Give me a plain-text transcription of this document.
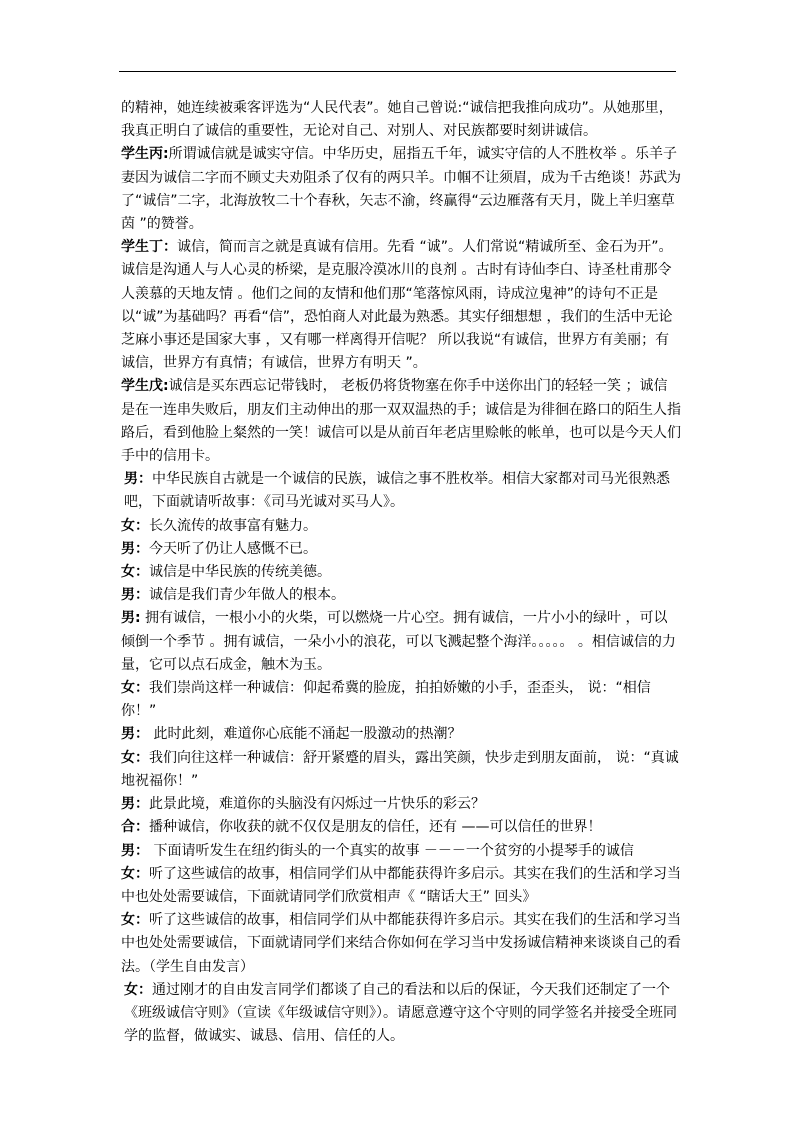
的精神，她连续被乘客评选为“人民代表”。她自己曾说:“诚信把我推向成功”。从她那里，我真正明白了诚信的重要性，无论对自己、对别人、对民族都要时刻讲诚信。

学生丙:所谓诚信就是诚实守信。中华历史，屈指五千年，诚实守信的人不胜枚举 。乐羊子妻因为诚信二字而不顾丈夫劝阻杀了仅有的两只羊。巾帼不让须眉，成为千古绝谈！苏武为了“诚信”二字，北海放牧二十个春秋，矢志不渝，终赢得“云边雁落有天月，陇上羊归塞草茵 ”的赞誉。

学生丁：诚信，简而言之就是真诚有信用。先看 “诚”。人们常说“精诚所至、金石为开”。诚信是沟通人与人心灵的桥梁，是克服冷漠冰川的良剂 。古时有诗仙李白、诗圣杜甫那令人羡慕的天地友情 。他们之间的友情和他们那“笔落惊风雨，诗成泣鬼神”的诗句不正是以“诚”为基础吗？再看“信”，恐怕商人对此最为熟悉。其实仔细想想 ，我们的生活中无论芝麻小事还是国家大事 ，又有哪一样离得开信呢？ 所以我说“有诚信，世界方有美丽；有诚信，世界方有真情；有诚信，世界方有明天 ”。

学生戊:诚信是买东西忘记带钱时， 老板仍将货物塞在你手中送你出门的轻轻一笑 ；诚信是在一连串失败后，朋友们主动伸出的那一双双温热的手；诚信是为徘徊在路口的陌生人指路后，看到他脸上粲然的一笑！诚信可以是从前百年老店里赊帐的帐单，也可以是今天人们手中的信用卡。

男：中华民族自古就是一个诚信的民族，诚信之事不胜枚举。相信大家都对司马光很熟悉吧，下面就请听故事：《司马光诚对买马人》。

女：长久流传的故事富有魅力。

男：今天听了仍让人感慨不已。

女：诚信是中华民族的传统美德。

男：诚信是我们青少年做人的根本。

男: 拥有诚信，一根小小的火柴，可以燃烧一片心空。拥有诚信，一片小小的绿叶 ，可以倾倒一个季节 。拥有诚信，一朵小小的浪花，可以飞溅起整个海洋。。。。。 。相信诚信的力量，它可以点石成金，触木为玉。

女：我们崇尚这样一种诚信：仰起希冀的脸庞，拍拍娇嫩的小手，歪歪头， 说：“相信你！”

男： 此时此刻，难道你心底能不涌起一股激动的热潮？

女：我们向往这样一种诚信：舒开紧蹙的眉头，露出笑颜，快步走到朋友面前， 说：“真诚地祝福你！”

男：此景此境，难道你的头脑没有闪烁过一片快乐的彩云？

合：播种诚信，你收获的就不仅仅是朋友的信任，还有 ——可以信任的世界！

男： 下面请听发生在纽约街头的一个真实的故事 －－－一个贫穷的小提琴手的诚信

女：听了这些诚信的故事，相信同学们从中都能获得许多启示。其实在我们的生活和学习当中也处处需要诚信，下面就请同学们欣赏相声《 “瞎话大王” 回头》

女：听了这些诚信的故事，相信同学们从中都能获得许多启示。其实在我们的生活和学习当中也处处需要诚信，下面就请同学们来结合你如何在学习当中发扬诚信精神来谈谈自己的看法。（学生自由发言）

女：通过刚才的自由发言同学们都谈了自己的看法和以后的保证，今天我们还制定了一个《班级诚信守则》（宣读《年级诚信守则》）。请愿意遵守这个守则的同学签名并接受全班同学的监督，做诚实、诚恳、信用、信任的人。
